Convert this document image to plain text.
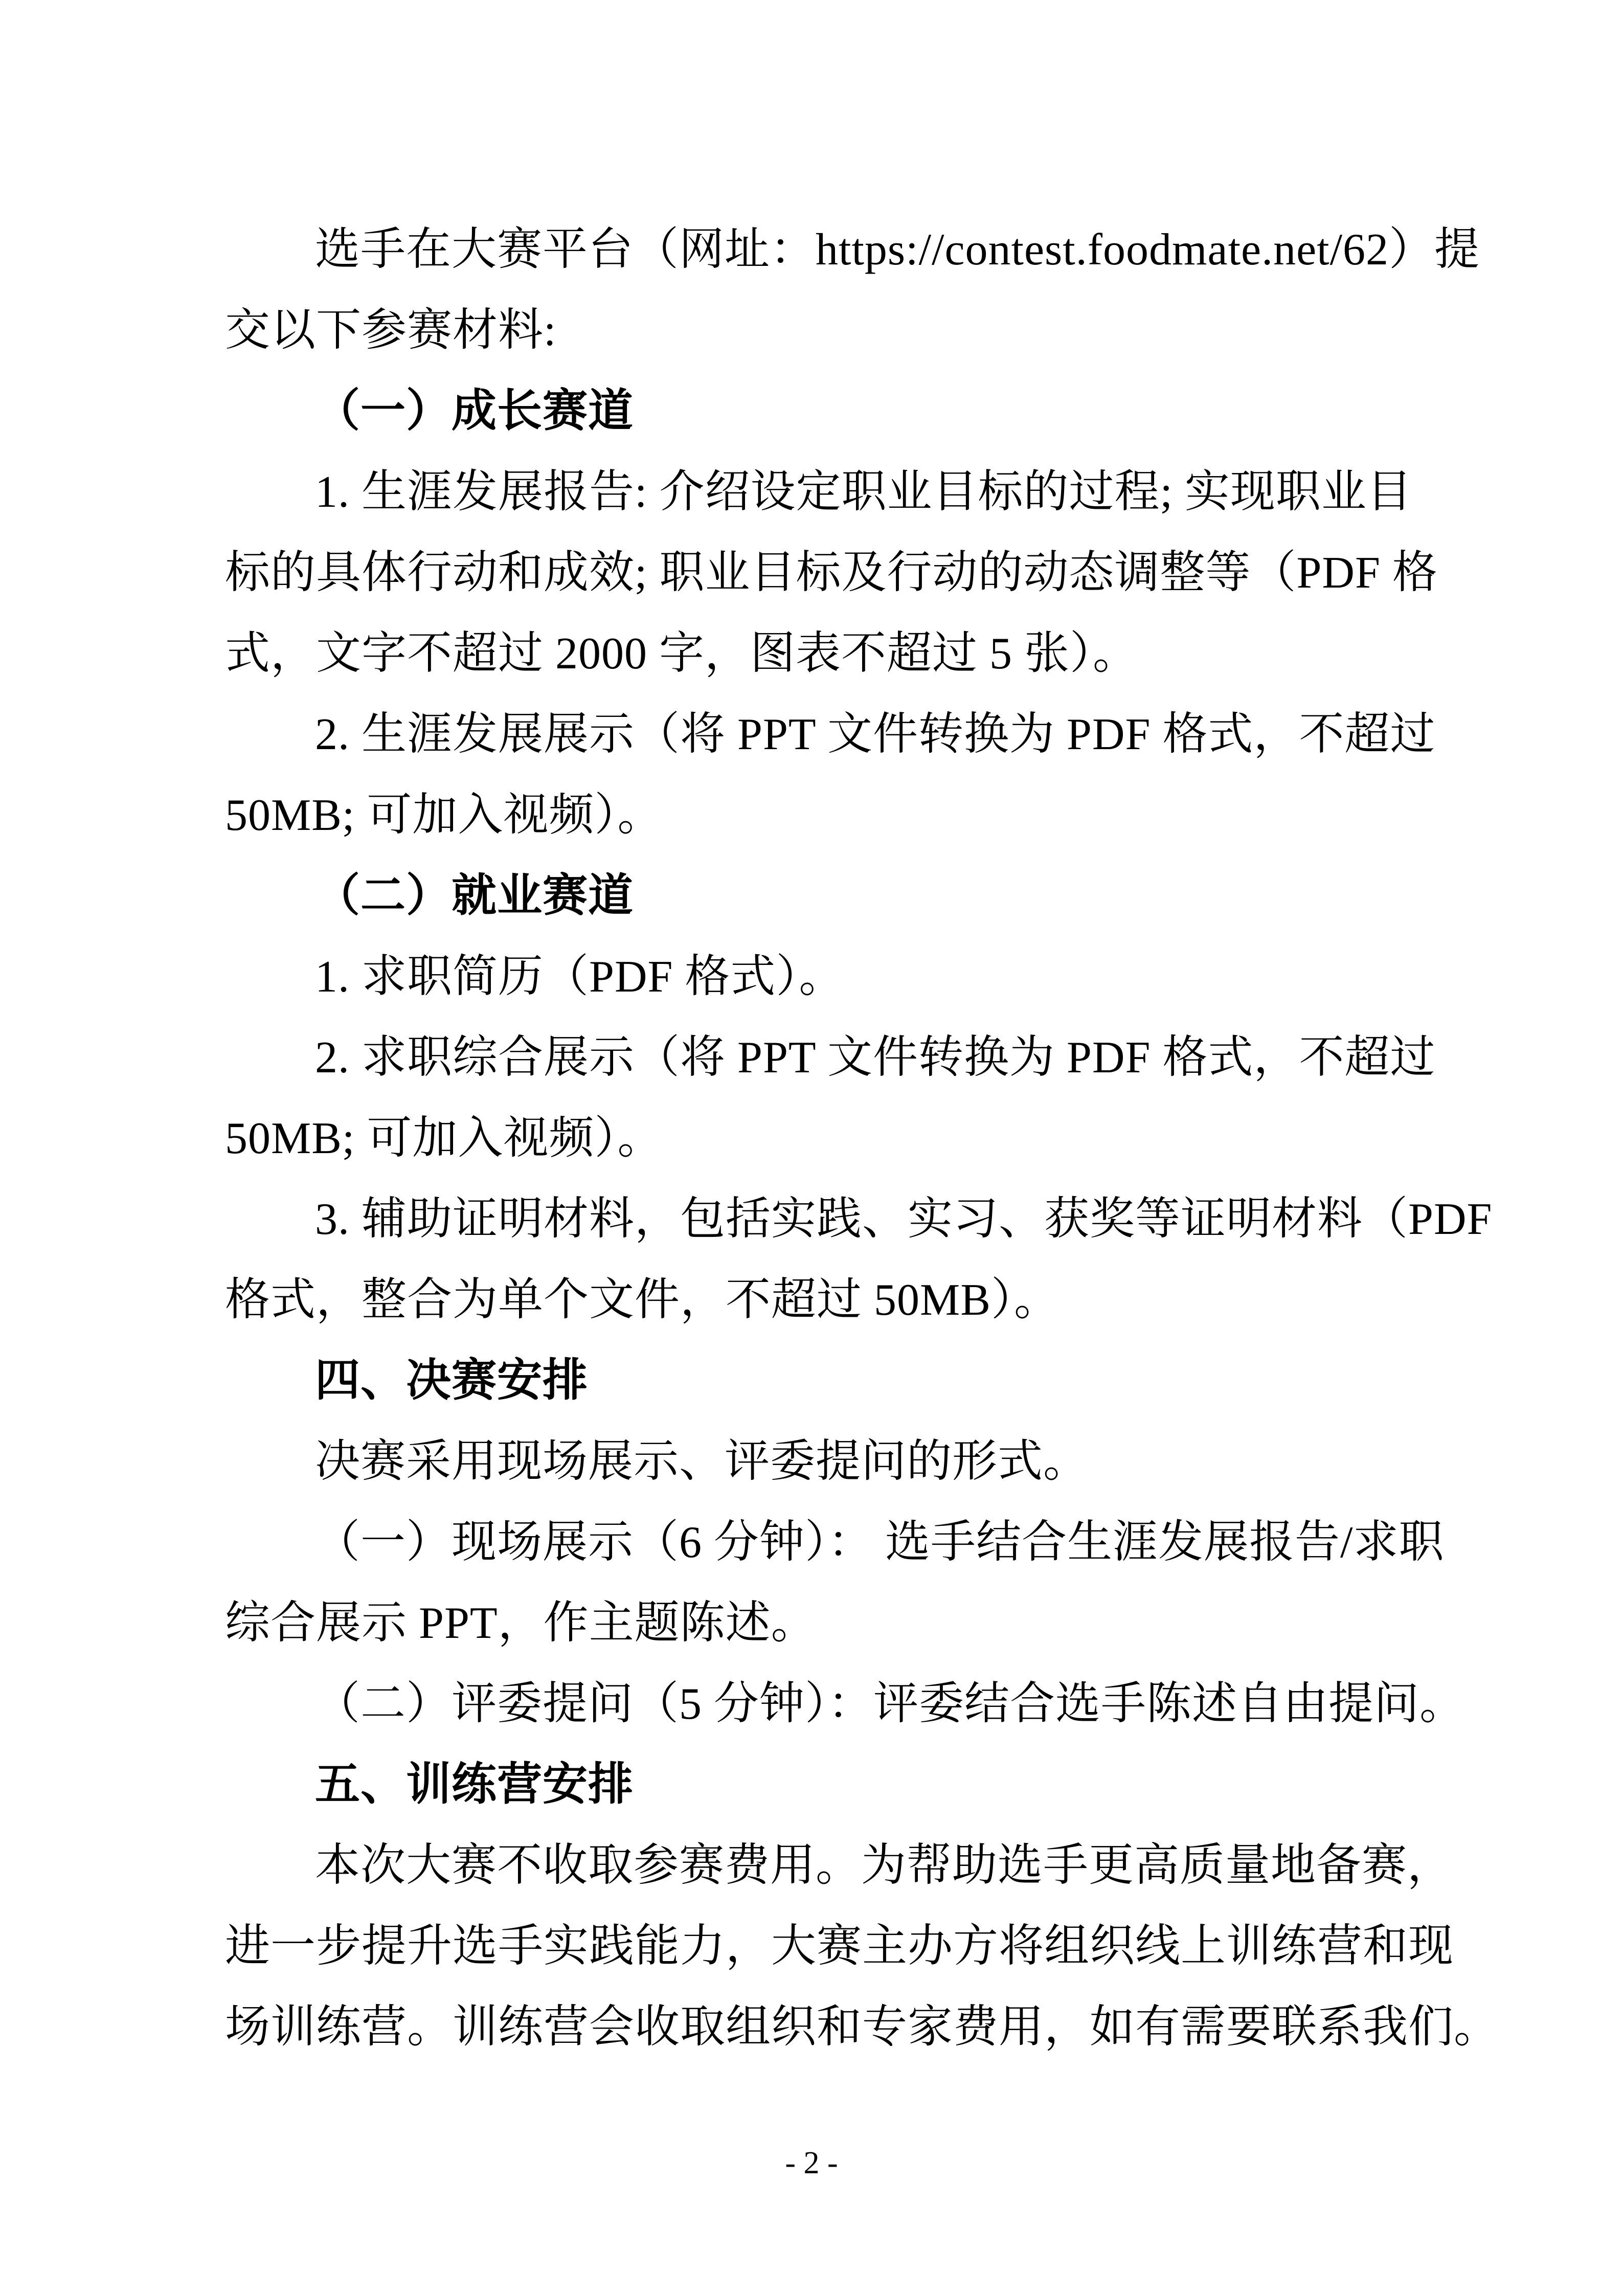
选手在大赛平台（网址：https://contest.foodmate.net/62）提
交以下参赛材料:
（一）成长赛道
1. 生涯发展报告: 介绍设定职业目标的过程; 实现职业目
标的具体行动和成效; 职业目标及行动的动态调整等（PDF 格
式，文字不超过 2000 字，图表不超过 5 张）。
2. 生涯发展展示（将 PPT 文件转换为 PDF 格式，不超过
50MB; 可加入视频）。
（二）就业赛道
1. 求职简历（PDF 格式）。
2. 求职综合展示（将 PPT 文件转换为 PDF 格式，不超过
50MB; 可加入视频）。
3. 辅助证明材料，包括实践、实习、获奖等证明材料（PDF
格式，整合为单个文件，不超过 50MB）。
四、决赛安排
决赛采用现场展示、评委提问的形式。
（一）现场展示（6 分钟）： 选手结合生涯发展报告/求职
综合展示 PPT，作主题陈述。
（二）评委提问（5 分钟）：评委结合选手陈述自由提问。
五、训练营安排
本次大赛不收取参赛费用。为帮助选手更高质量地备赛，
进一步提升选手实践能力，大赛主办方将组织线上训练营和现
场训练营。训练营会收取组织和专家费用，如有需要联系我们。
- 2 -
